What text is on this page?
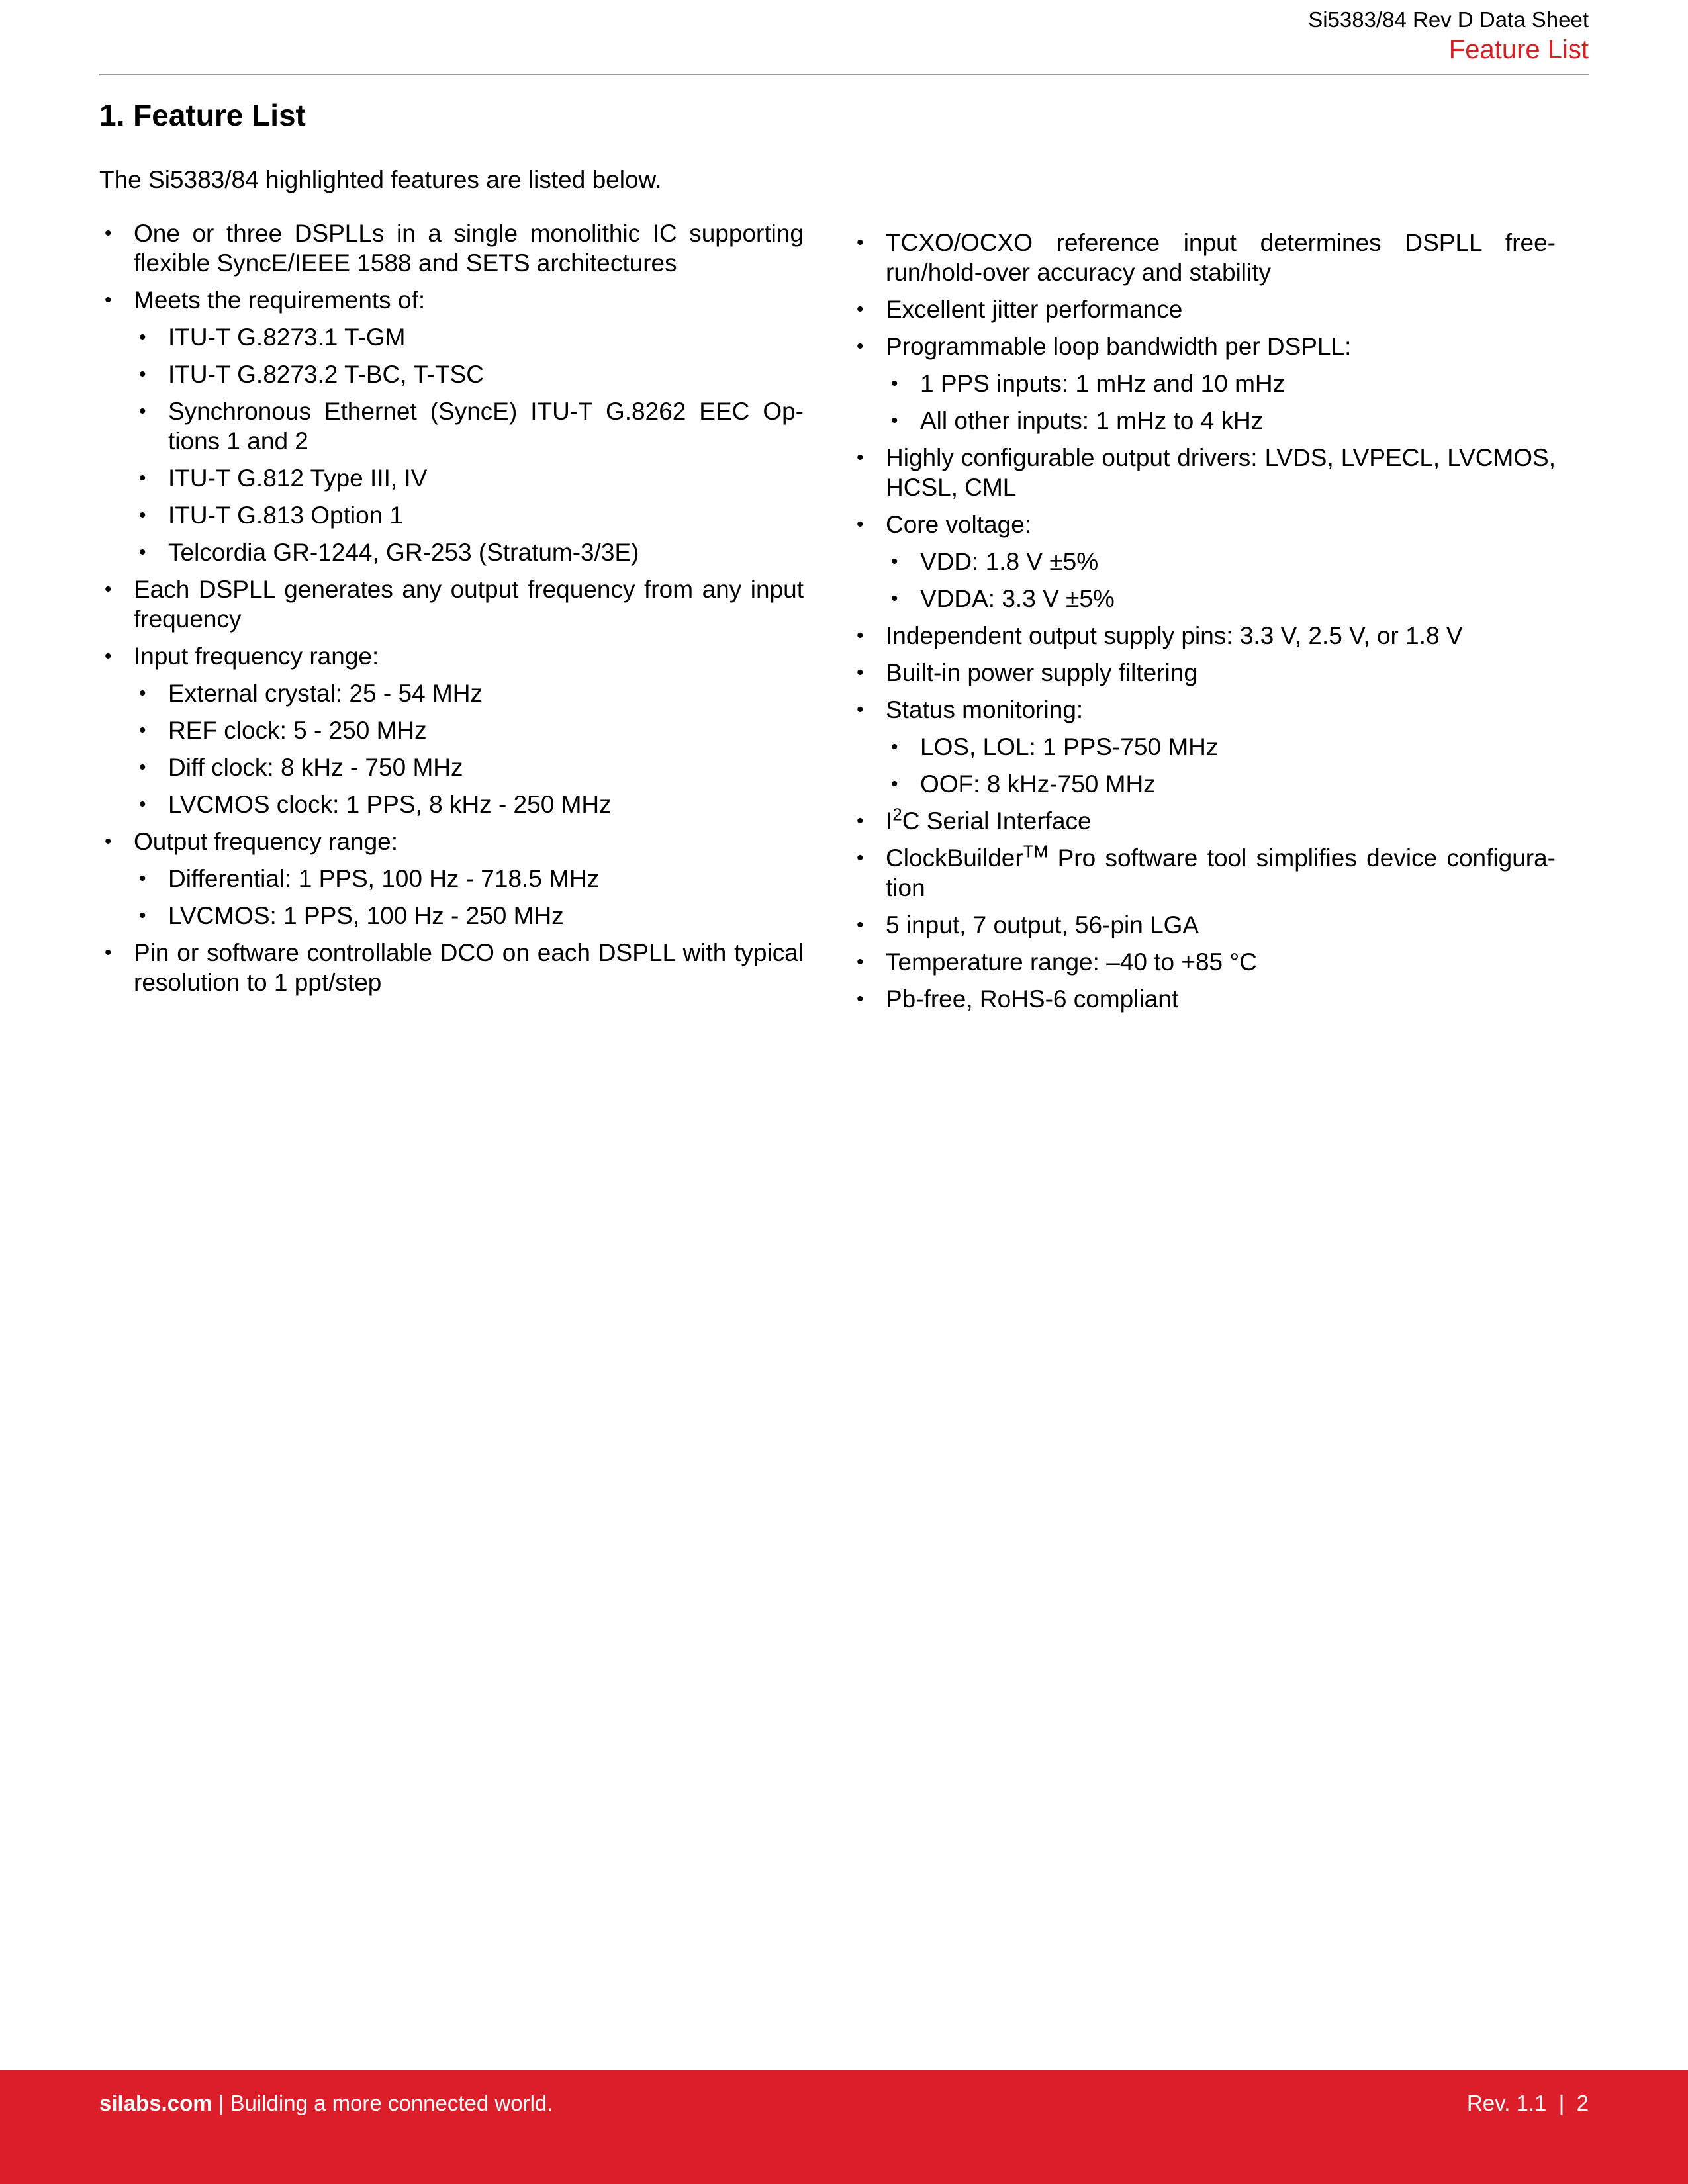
Si5383/84 Rev D Data Sheet
Feature List
1. Feature List

The Si5383/84 highlighted features are listed below.

• One or three DSPLLs in a single monolithic IC supporting flexible SyncE/IEEE 1588 and SETS architectures
• Meets the requirements of:
• ITU-T G.8273.1 T-GM
• ITU-T G.8273.2 T-BC, T-TSC
• Synchronous Ethernet (SyncE) ITU-T G.8262 EEC Op-tions 1 and 2
• ITU-T G.812 Type III, IV
• ITU-T G.813 Option 1
• Telcordia GR-1244, GR-253 (Stratum-3/3E)
• Each DSPLL generates any output frequency from any input frequency
• Input frequency range:
• External crystal: 25 - 54 MHz
• REF clock: 5 - 250 MHz
• Diff clock: 8 kHz - 750 MHz
• LVCMOS clock: 1 PPS, 8 kHz - 250 MHz
• Output frequency range:
• Differential: 1 PPS, 100 Hz - 718.5 MHz
• LVCMOS: 1 PPS, 100 Hz - 250 MHz
• Pin or software controllable DCO on each DSPLL with typical resolution to 1 ppt/step
• TCXO/OCXO reference input determines DSPLL free-run/hold-over accuracy and stability
• Excellent jitter performance
• Programmable loop bandwidth per DSPLL:
• 1 PPS inputs: 1 mHz and 10 mHz
• All other inputs: 1 mHz to 4 kHz
• Highly configurable output drivers: LVDS, LVPECL, LVCMOS, HCSL, CML
• Core voltage:
• VDD: 1.8 V ±5%
• VDDA: 3.3 V ±5%
• Independent output supply pins: 3.3 V, 2.5 V, or 1.8 V
• Built-in power supply filtering
• Status monitoring:
• LOS, LOL: 1 PPS-750 MHz
• OOF: 8 kHz-750 MHz
• $I^2C$ Serial Interface
• ClockBuilder™ Pro software tool simplifies device configura-tion
• 5 input, 7 output, 56-pin LGA
• Temperature range: –40 to +85 °C
• Pb-free, RoHS-6 compliant
silabs.com | Building a more connected world.	Rev. 1.1  |  2
